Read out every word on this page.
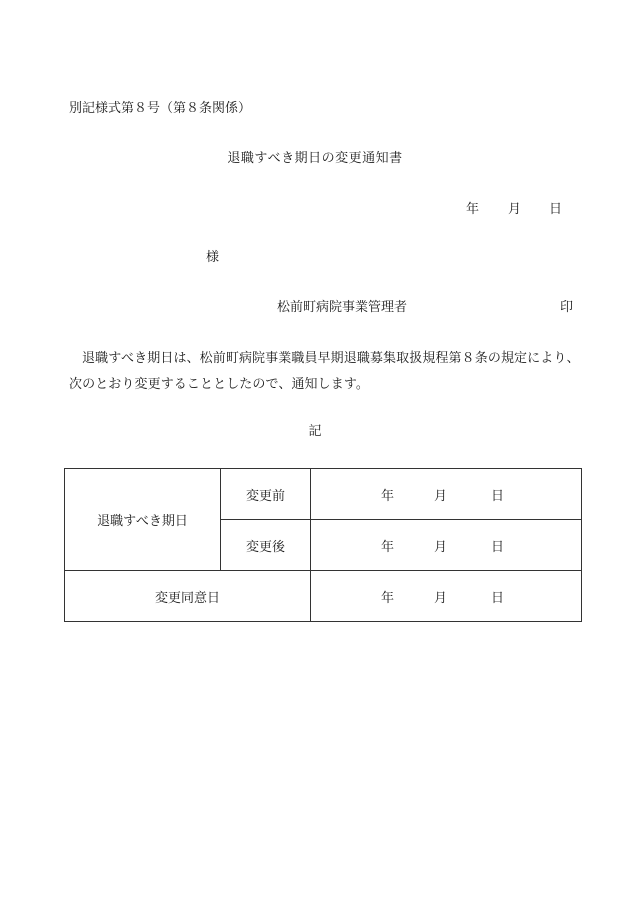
別記様式第８号（第８条関係）
退職すべき期日の変更通知書
年 月 日
様
松前町病院事業管理者	印

退職すべき期日は、松前町病院事業職員早期退職募集取扱規程第８条の規定により、次のとおり変更することとしたので、通知します。

記
退職すべき期日	変更前	年 月 日

	変更後	年 月 日

変更同意日		年 月 日
